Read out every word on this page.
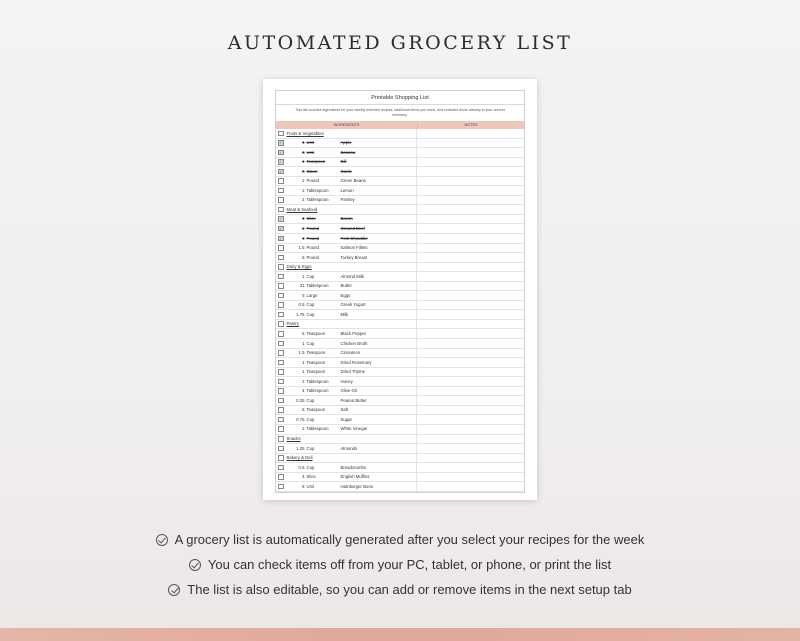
AUTOMATED GROCERY LIST
Printable Shopping List
This list includes ingredients for your weekly selected recipes, additional items you need, and excludes those already in your current inventory.
INGREDIENTS	NOTES
Fruits & Vegetables
✓	4 Unit	Apple
✓	3 Unit	Banana
✓	1 Teaspoon	Dill
✓	6 Clove	Garlic
2 Pound	Green Beans
2 Tablespoon	Lemon
2 Tablespoon	Parsley
Meat & Seafood
✓	4 Slice	Bacon
✓	1 Pound	Ground Beef
✓	4 Pound	Pork Shoulder
1.5 Pound	Salmon Fillets
5 Pound	Turkey Breast
Dairy & Eggs
1 Cup	Almond Milk
31 Tablespoon	Butter
5 Large	Eggs
0.5 Cup	Greek Yogurt
1.75 Cup	Milk
Pantry
5 Teaspoon	Black Pepper
1 Cup	Chicken Broth
1.5 Teaspoon	Cinnamon
1 Teaspoon	Dried Rosemary
1 Teaspoon	Dried Thyme
2 Tablespoon	Honey
4 Tablespoon	Olive Oil
0.25 Cup	Peanut Butter
5 Teaspoon	Salt
0.75 Cup	Sugar
2 Tablespoon	White Vinegar
Snacks
1.25 Cup	Almonds
Bakery & Deli
0.5 Cup	Breadcrumbs
4 Slice	English Muffins
8 Unit	Hamburger Buns
A grocery list is automatically generated after you select your recipes for the week
You can check items off from your PC, tablet, or phone, or print the list
The list is also editable, so you can add or remove items in the next setup tab
